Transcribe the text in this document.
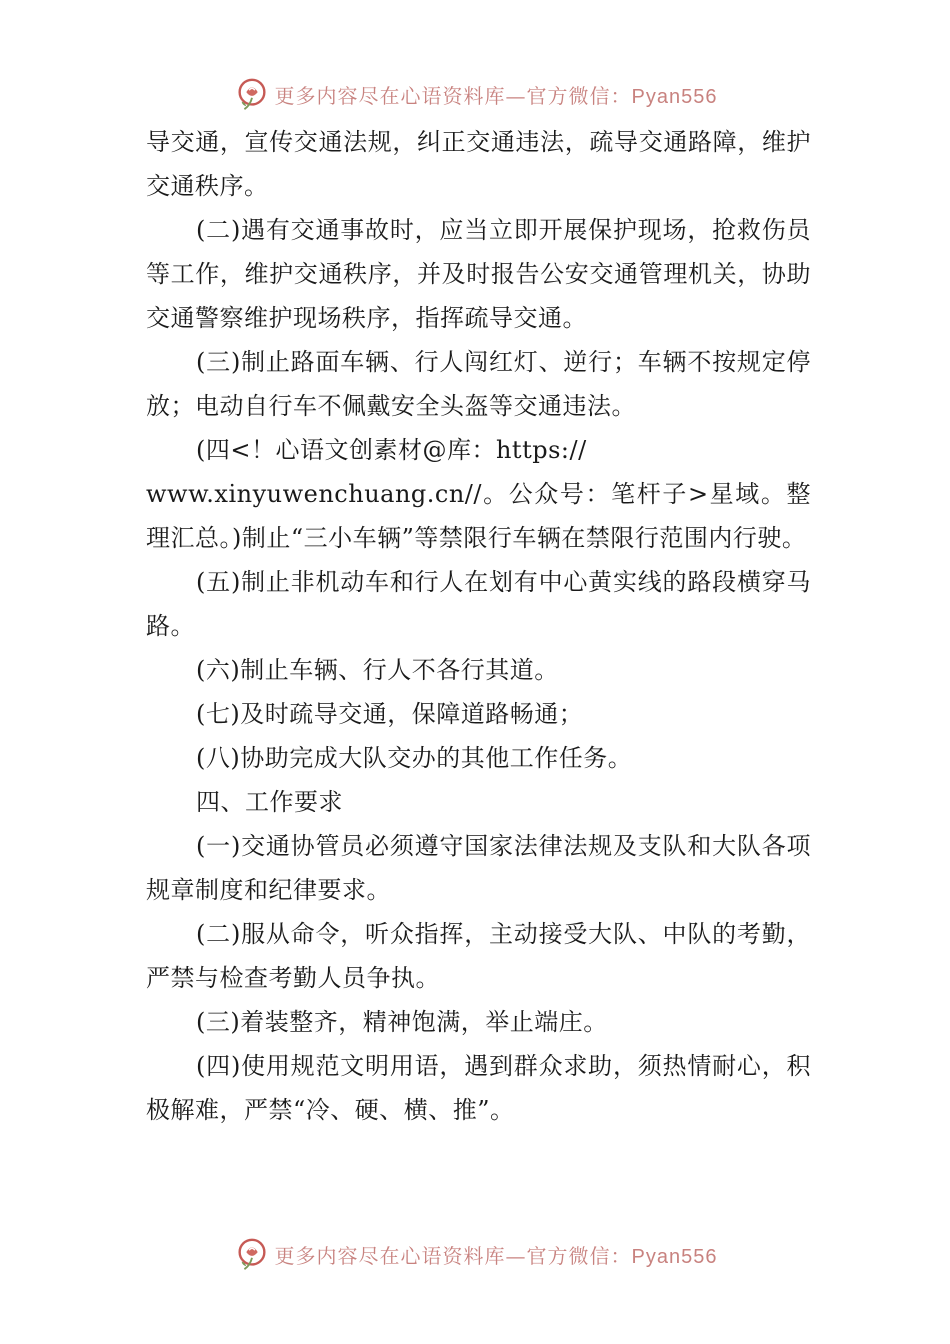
更多内容尽在心语资料库—官方微信：Pyan556

导交通，宣传交通法规，纠正交通违法，疏导交通路障，维护交通秩序。

(二)遇有交通事故时，应当立即开展保护现场，抢救伤员等工作，维护交通秩序，并及时报告公安交通管理机关，协助交通警察维护现场秩序，指挥疏导交通。

(三)制止路面车辆、行人闯红灯、逆行；车辆不按规定停放；电动自行车不佩戴安全头盔等交通违法。

(四<！心语文创素材@库：https://

www.xinyuwenchuang.cn//。公众号：笔杆子>星域。整理汇总。)制止“三小车辆”等禁限行车辆在禁限行范围内行驶。

(五)制止非机动车和行人在划有中心黄实线的路段横穿马路。

(六)制止车辆、行人不各行其道。

(七)及时疏导交通，保障道路畅通；

(八)协助完成大队交办的其他工作任务。

四、工作要求

(一)交通协管员必须遵守国家法律法规及支队和大队各项规章制度和纪律要求。

(二)服从命令，听众指挥，主动接受大队、中队的考勤，严禁与检查考勤人员争执。

(三)着装整齐，精神饱满，举止端庄。

(四)使用规范文明用语，遇到群众求助，须热情耐心，积极解难，严禁“冷、硬、横、推”。

更多内容尽在心语资料库—官方微信：Pyan556
